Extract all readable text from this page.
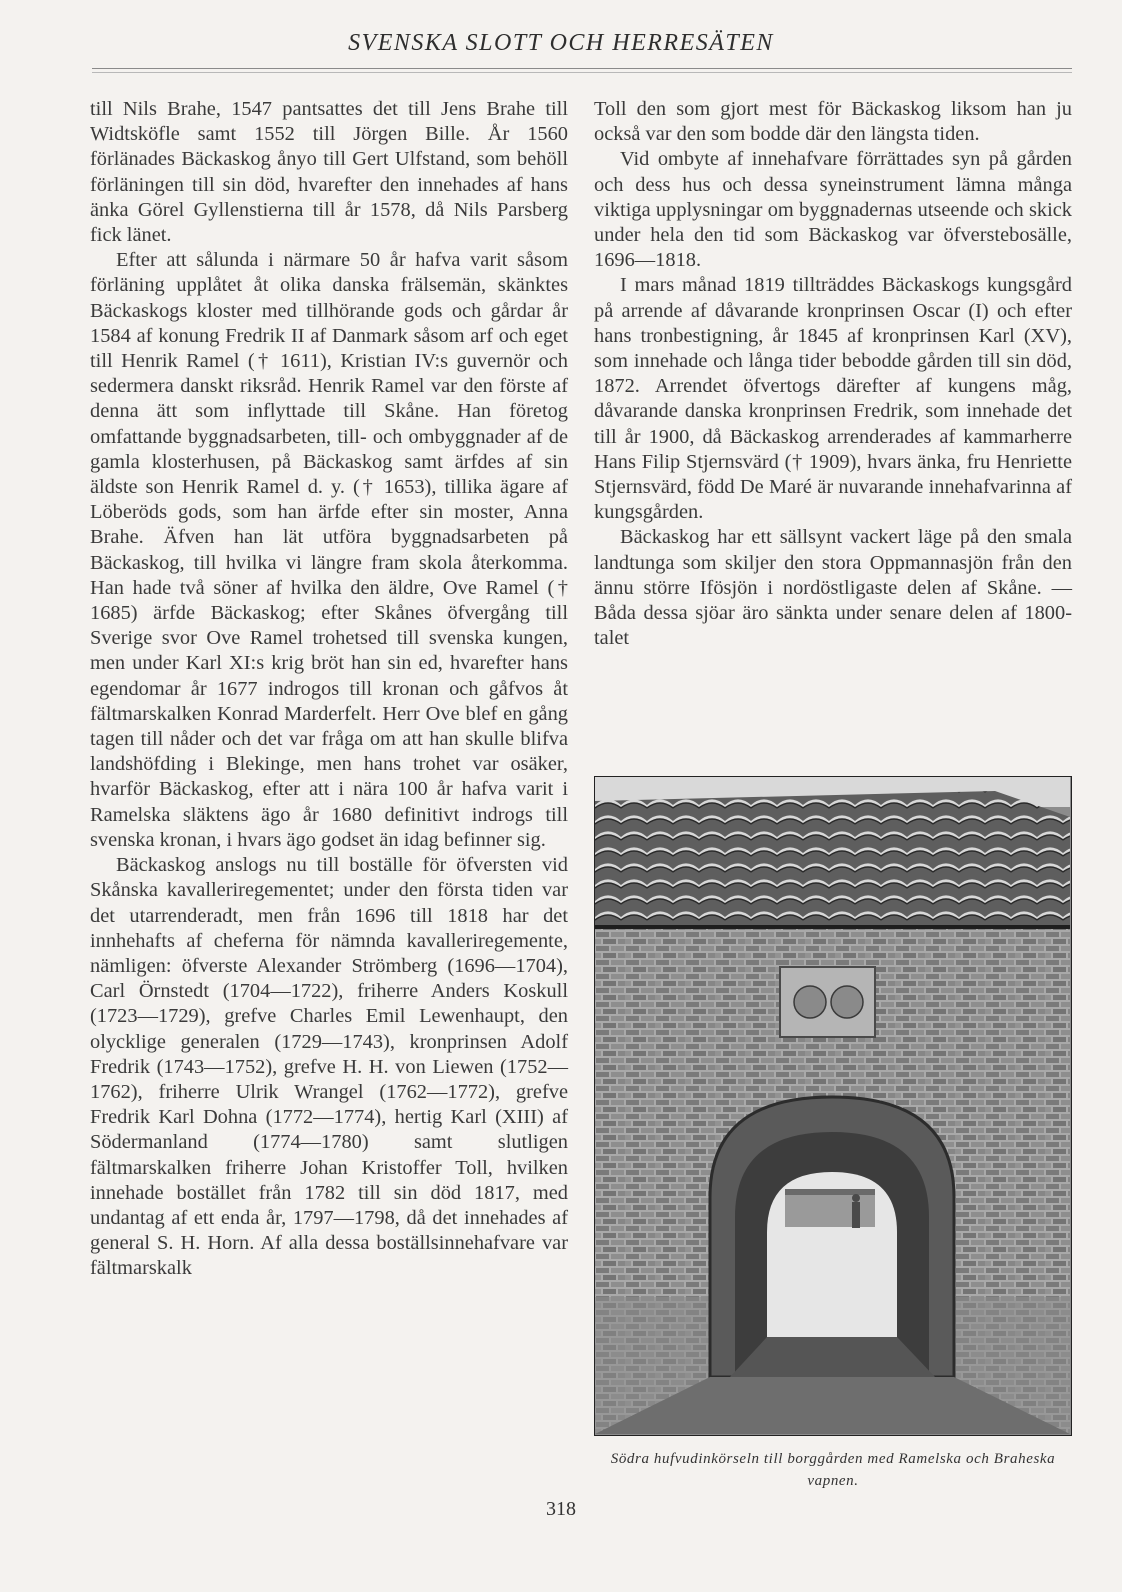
SVENSKA SLOTT OCH HERRESÄTEN

till Nils Brahe, 1547 pantsattes det till Jens Brahe till Widtsköfle samt 1552 till Jörgen Bille. År 1560 förlänades Bäckaskog ånyo till Gert Ulfstand, som behöll förläningen till sin död, hvarefter den innehades af hans änka Görel Gyllenstierna till år 1578, då Nils Parsberg fick länet.

Efter att sålunda i närmare 50 år hafva varit såsom förläning upplåtet åt olika danska frälsemän, skänktes Bäckaskogs kloster med tillhörande gods och gårdar år 1584 af konung Fredrik II af Danmark såsom arf och eget till Henrik Ramel († 1611), Kristian IV:s guvernör och sedermera danskt riksråd. Henrik Ramel var den förste af denna ätt som inflyttade till Skåne. Han företog omfattande byggnadsarbeten, till- och ombyggnader af de gamla klosterhusen, på Bäckaskog samt ärfdes af sin äldste son Henrik Ramel d. y. († 1653), tillika ägare af Löberöds gods, som han ärfde efter sin moster, Anna Brahe. Äfven han lät utföra byggnadsarbeten på Bäckaskog, till hvilka vi längre fram skola återkomma. Han hade två söner af hvilka den äldre, Ove Ramel († 1685) ärfde Bäckaskog; efter Skånes öfvergång till Sverige svor Ove Ramel trohetsed till svenska kungen, men under Karl XI:s krig bröt han sin ed, hvarefter hans egendomar år 1677 indrogos till kronan och gåfvos åt fältmarskalken Konrad Marderfelt. Herr Ove blef en gång tagen till nåder och det var fråga om att han skulle blifva landshöfding i Blekinge, men hans trohet var osäker, hvarför Bäckaskog, efter att i nära 100 år hafva varit i Ramelska släktens ägo år 1680 definitivt indrogs till svenska kronan, i hvars ägo godset än idag befinner sig.

Bäckaskog anslogs nu till boställe för öfversten vid Skånska kavalleriregementet; under den första tiden var det utarrenderadt, men från 1696 till 1818 har det innhehafts af cheferna för nämnda kavalleriregemente, nämligen: öfverste Alexander Strömberg (1696—1704), Carl Örnstedt (1704—1722), friherre Anders Koskull (1723—1729), grefve Charles Emil Lewenhaupt, den olycklige generalen (1729—1743), kronprinsen Adolf Fredrik (1743—1752), grefve H. H. von Liewen (1752—1762), friherre Ulrik Wrangel (1762—1772), grefve Fredrik Karl Dohna (1772—1774), hertig Karl (XIII) af Södermanland (1774—1780) samt slutligen fältmarskalken friherre Johan Kristoffer Toll, hvilken innehade bostället från 1782 till sin död 1817, med undantag af ett enda år, 1797—1798, då det innehades af general S. H. Horn. Af alla dessa boställsinnehafvare var fältmarskalk

Toll den som gjort mest för Bäckaskog liksom han ju också var den som bodde där den längsta tiden.

Vid ombyte af innehafvare förrättades syn på gården och dess hus och dessa syneinstrument lämna många viktiga upplysningar om byggnadernas utseende och skick under hela den tid som Bäckaskog var öfverstebosälle, 1696—1818.

I mars månad 1819 tillträddes Bäckaskogs kungsgård på arrende af dåvarande kronprinsen Oscar (I) och efter hans tronbestigning, år 1845 af kronprinsen Karl (XV), som innehade och långa tider bebodde gården till sin död, 1872. Arrendet öfvertogs därefter af kungens måg, dåvarande danska kronprinsen Fredrik, som innehade det till år 1900, då Bäckaskog arrenderades af kammarherre Hans Filip Stjernsvärd († 1909), hvars änka, fru Henriette Stjernsvärd, född De Maré är nuvarande innehafvarinna af kungsgården.

Bäckaskog har ett sällsynt vackert läge på den smala landtunga som skiljer den stora Oppmannasjön från den ännu större Ifösjön i nordöstligaste delen af Skåne. — Båda dessa sjöar äro sänkta under senare delen af 1800-talet

Södra hufvudinkörseln till borggården med Ramelska och Braheska vapnen.
318
